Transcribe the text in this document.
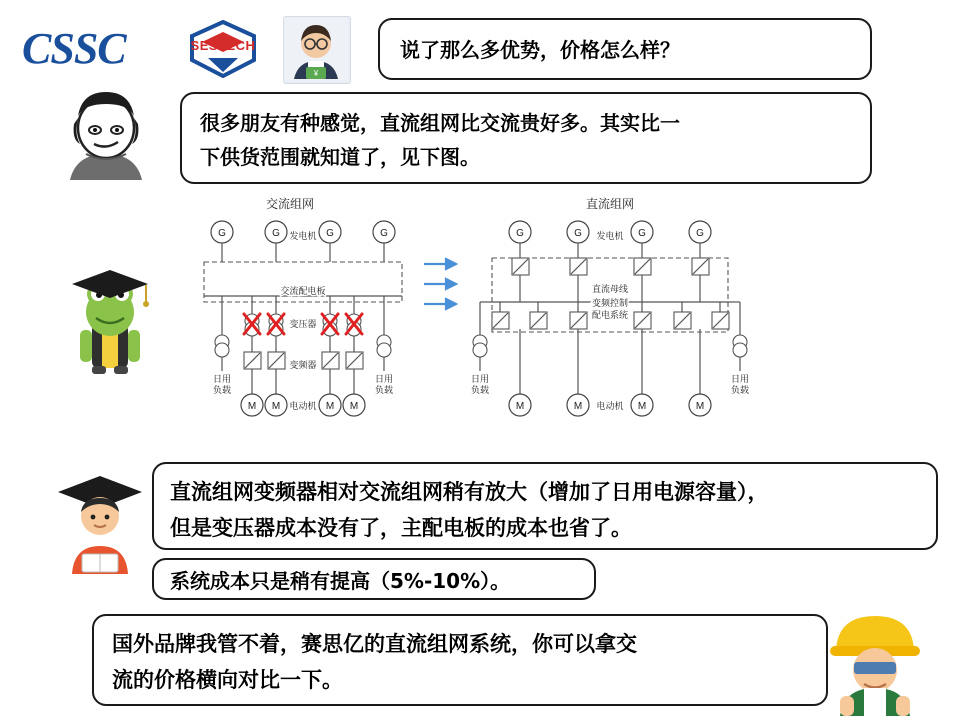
CSSC	SESTECH
¥
说了那么多优势，价格怎么样？
很多朋友有种感觉，直流组网比交流贵好多。其实比一
下供货范围就知道了，见下图。
直流组网变频器相对交流组网稍有放大（增加了日用电源容量），
但是变压器成本没有了，主配电板的成本也省了。
系统成本只是稍有提高（5%-10%）。
国外品牌我管不着，赛思亿的直流组网系统，你可以拿交
流的价格横向对比一下。
交流组网	直流组网
G	G	G	G
发电机
交流配电板
变压器
日用
负载
日用
负载
变频器
M M	M M
电动机
G	G	G	G
发电机
直流母线
变频控制
配电系统
日用
负载
日用
负载
M	M	M	M
电动机
